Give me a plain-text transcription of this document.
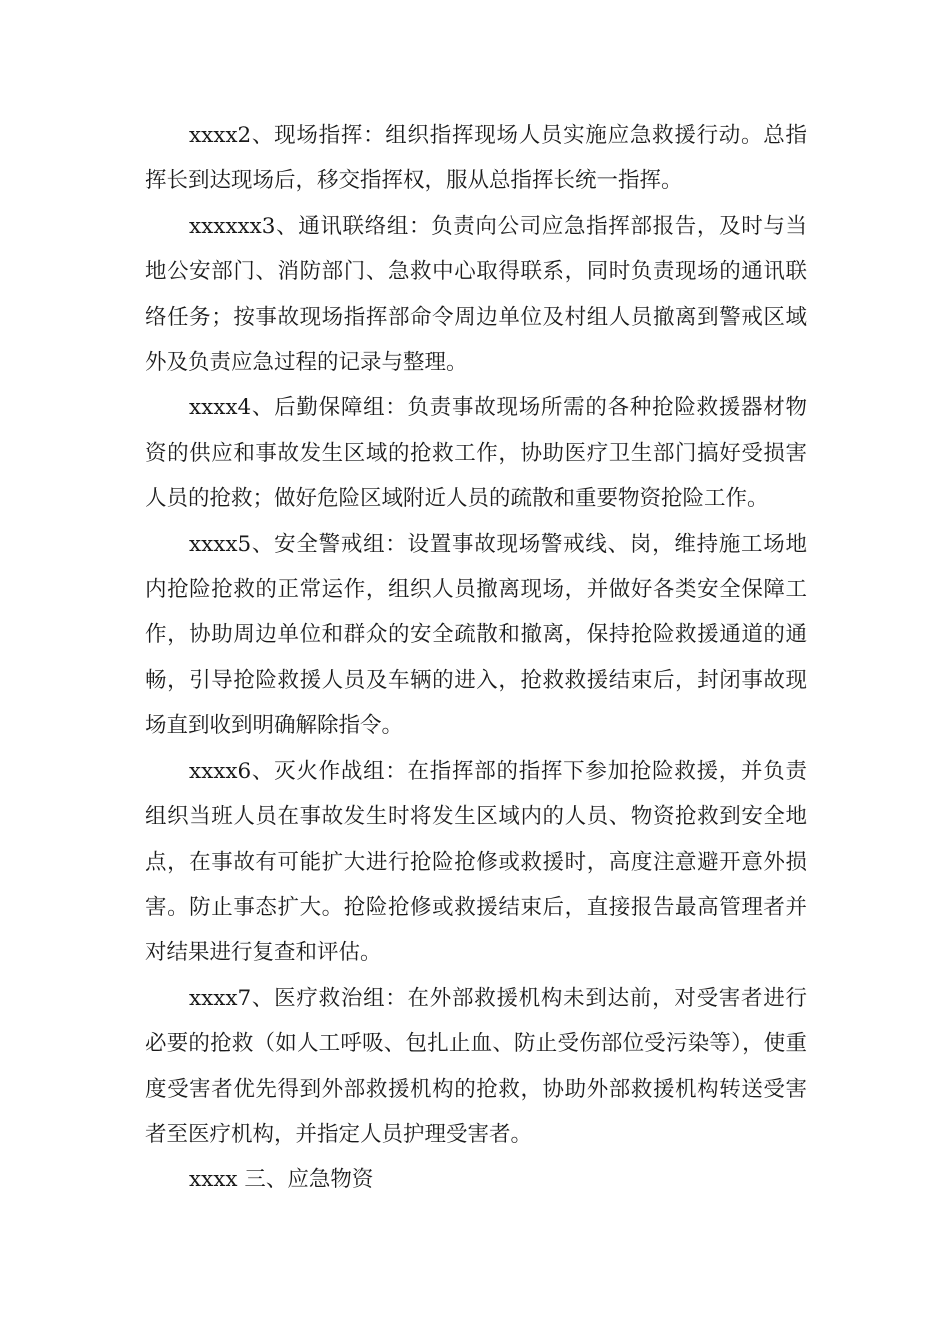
xxxx2、现场指挥：组织指挥现场人员实施应急救援行动。总指挥长到达现场后，移交指挥权，服从总指挥长统一指挥。

xxxxxx3、通讯联络组：负责向公司应急指挥部报告，及时与当地公安部门、消防部门、急救中心取得联系，同时负责现场的通讯联络任务；按事故现场指挥部命令周边单位及村组人员撤离到警戒区域外及负责应急过程的记录与整理。

xxxx4、后勤保障组：负责事故现场所需的各种抢险救援器材物资的供应和事故发生区域的抢救工作，协助医疗卫生部门搞好受损害人员的抢救；做好危险区域附近人员的疏散和重要物资抢险工作。

xxxx5、安全警戒组：设置事故现场警戒线、岗，维持施工场地内抢险抢救的正常运作，组织人员撤离现场，并做好各类安全保障工作，协助周边单位和群众的安全疏散和撤离，保持抢险救援通道的通畅，引导抢险救援人员及车辆的进入，抢救救援结束后，封闭事故现场直到收到明确解除指令。

xxxx6、灭火作战组：在指挥部的指挥下参加抢险救援，并负责组织当班人员在事故发生时将发生区域内的人员、物资抢救到安全地点，在事故有可能扩大进行抢险抢修或救援时，高度注意避开意外损害。防止事态扩大。抢险抢修或救援结束后，直接报告最高管理者并对结果进行复查和评估。

xxxx7、医疗救治组：在外部救援机构未到达前，对受害者进行必要的抢救（如人工呼吸、包扎止血、防止受伤部位受污染等），使重度受害者优先得到外部救援机构的抢救，协助外部救援机构转送受害者至医疗机构，并指定人员护理受害者。

xxxx 三、应急物资
